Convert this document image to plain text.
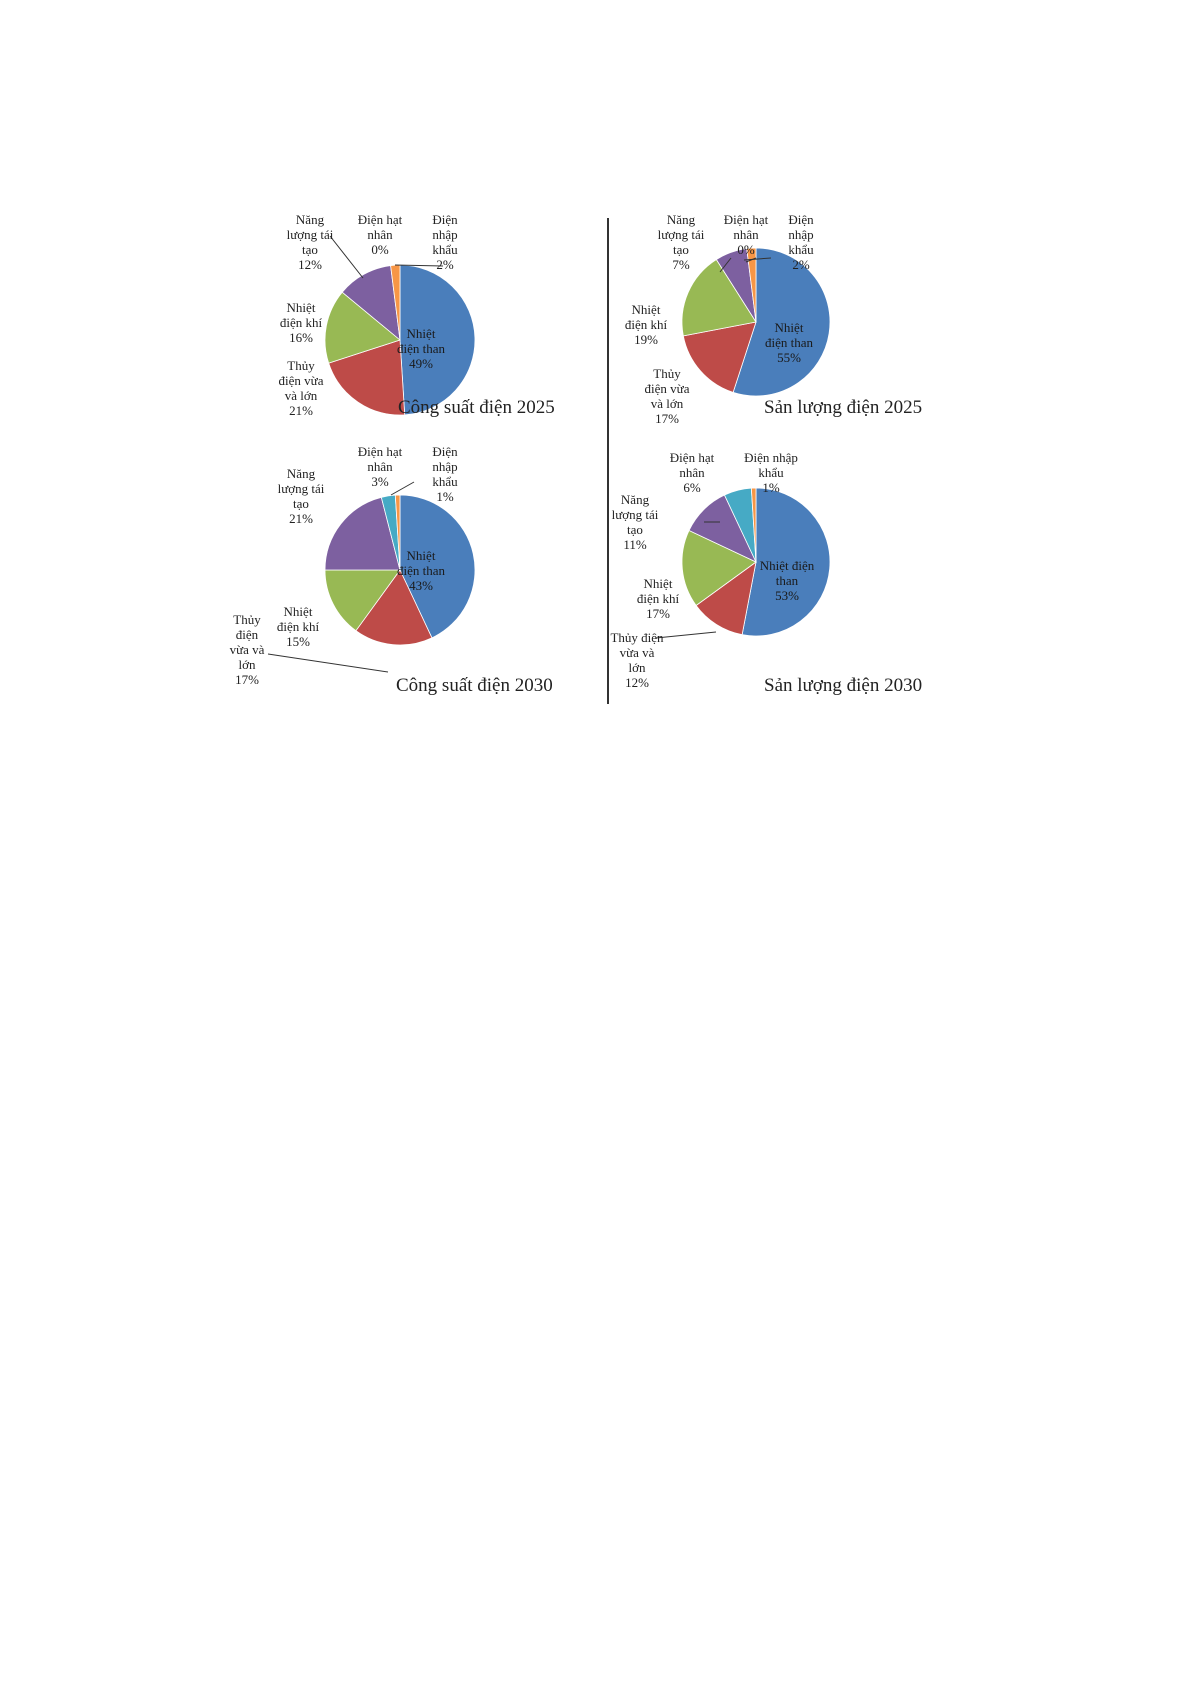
Nhiệt
điện than
49%
Thủy
điện vừa
và lớn
21%
Nhiệt
điện khí
16%
Năng
lượng tái
tạo
12%
Điện hạt
nhân
0%
Điện
nhập
khẩu
2%
Công suất điện 2025
Nhiệt
điện than
55%
Thủy
điện vừa
và lớn
17%
Nhiệt
điện khí
19%
Năng
lượng tái
tạo
7%
Điện hạt
nhân
0%
Điện
nhập
khẩu
2%
Sản lượng điện 2025
Nhiệt
điện than
43%
Thủy
điện
vừa và
lớn
17%
Nhiệt
điện khí
15%
Năng
lượng tái
tạo
21%
Điện hạt
nhân
3%
Điện
nhập
khẩu
1%
Công suất điện 2030
Nhiệt điện
than
53%
Thủy điện
vừa và
lớn
12%
Nhiệt
điện khí
17%
Năng
lượng tái
tạo
11%
Điện hạt
nhân
6%
Điện nhập
khẩu
1%
Sản lượng điện 2030
